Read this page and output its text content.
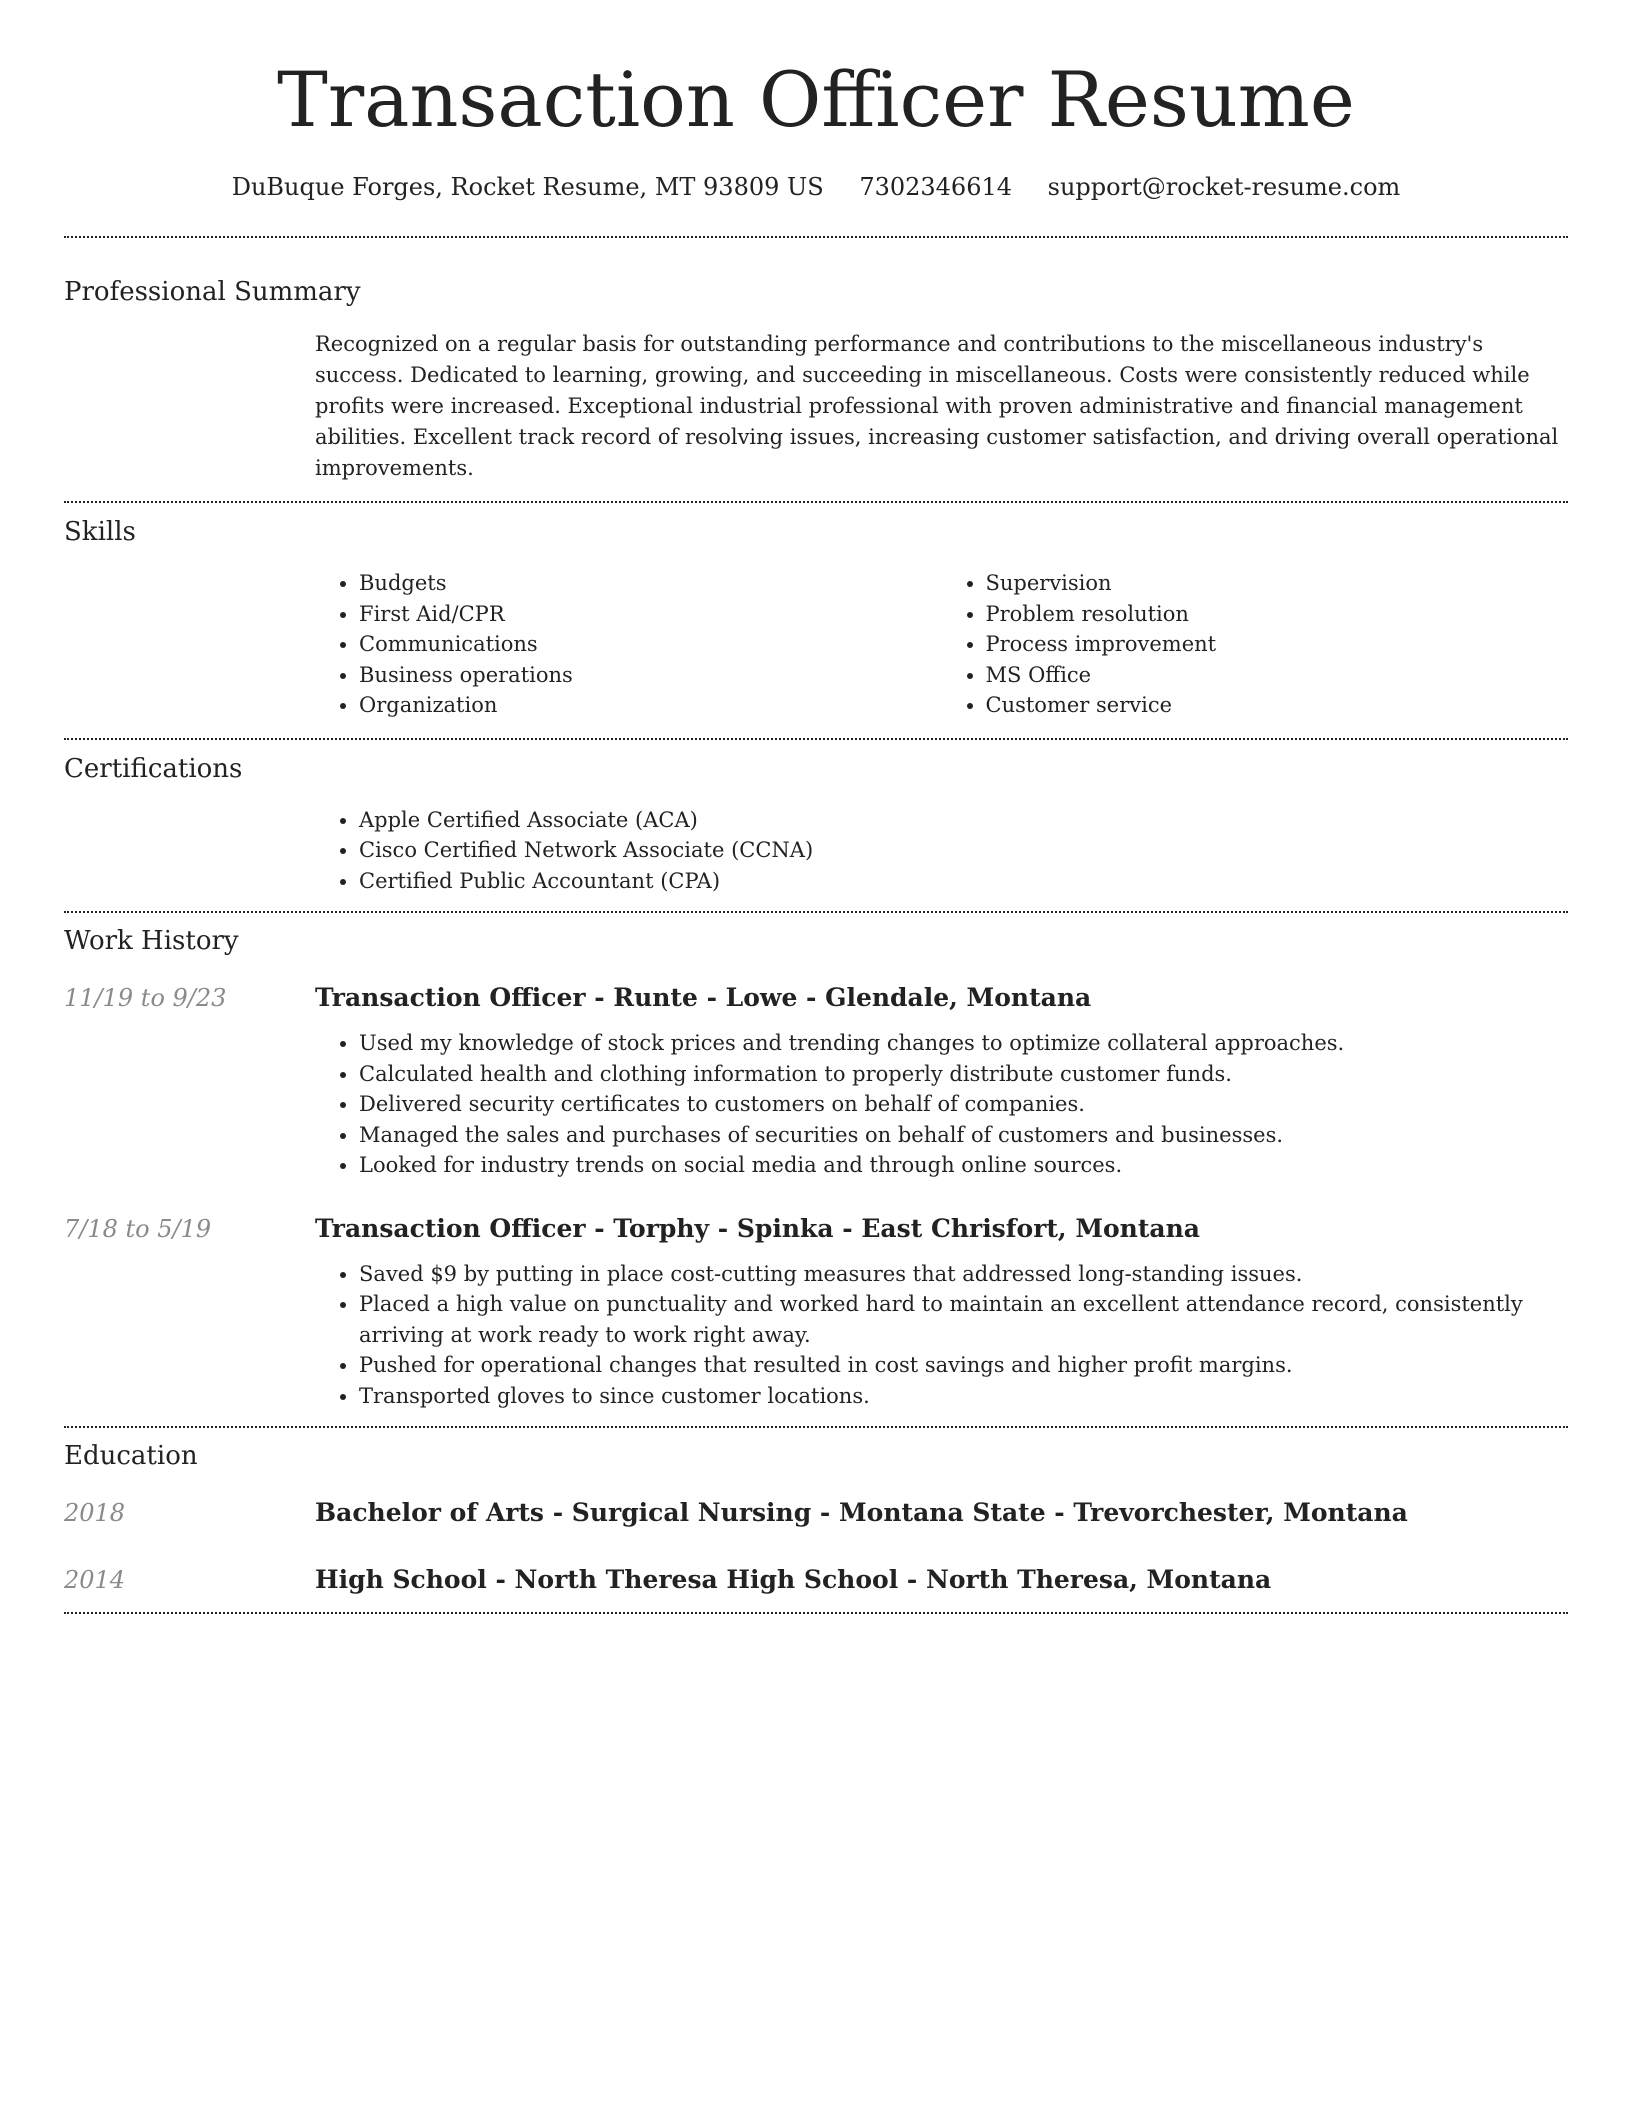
Transaction Officer Resume
DuBuque Forges, Rocket Resume, MT 93809 US 7302346614 support@rocket-resume.com
Professional Summary

Recognized on a regular basis for outstanding performance and contributions to the miscellaneous industry's success. Dedicated to learning, growing, and succeeding in miscellaneous. Costs were consistently reduced while profits were increased. Exceptional industrial professional with proven administrative and financial management abilities. Excellent track record of resolving issues, increasing customer satisfaction, and driving overall operational improvements.

Skills
• Budgets
• First Aid/CPR
• Communications
• Business operations
• Organization
• Supervision
• Problem resolution
• Process improvement
• MS Office
• Customer service
Certifications
• Apple Certified Associate (ACA)
• Cisco Certified Network Associate (CCNA)
• Certified Public Accountant (CPA)
Work History
11/19 to 9/23	Transaction Officer - Runte - Lowe - Glendale, Montana
• Used my knowledge of stock prices and trending changes to optimize collateral approaches.
• Calculated health and clothing information to properly distribute customer funds.
• Delivered security certificates to customers on behalf of companies.
• Managed the sales and purchases of securities on behalf of customers and businesses.
• Looked for industry trends on social media and through online sources.
7/18 to 5/19	Transaction Officer - Torphy - Spinka - East Chrisfort, Montana
• Saved $9 by putting in place cost-cutting measures that addressed long-standing issues.
• Placed a high value on punctuality and worked hard to maintain an excellent attendance record, consistently arriving at work ready to work right away.
• Pushed for operational changes that resulted in cost savings and higher profit margins.
• Transported gloves to since customer locations.
Education
2018	Bachelor of Arts - Surgical Nursing - Montana State - Trevorchester, Montana
2014	High School - North Theresa High School - North Theresa, Montana
